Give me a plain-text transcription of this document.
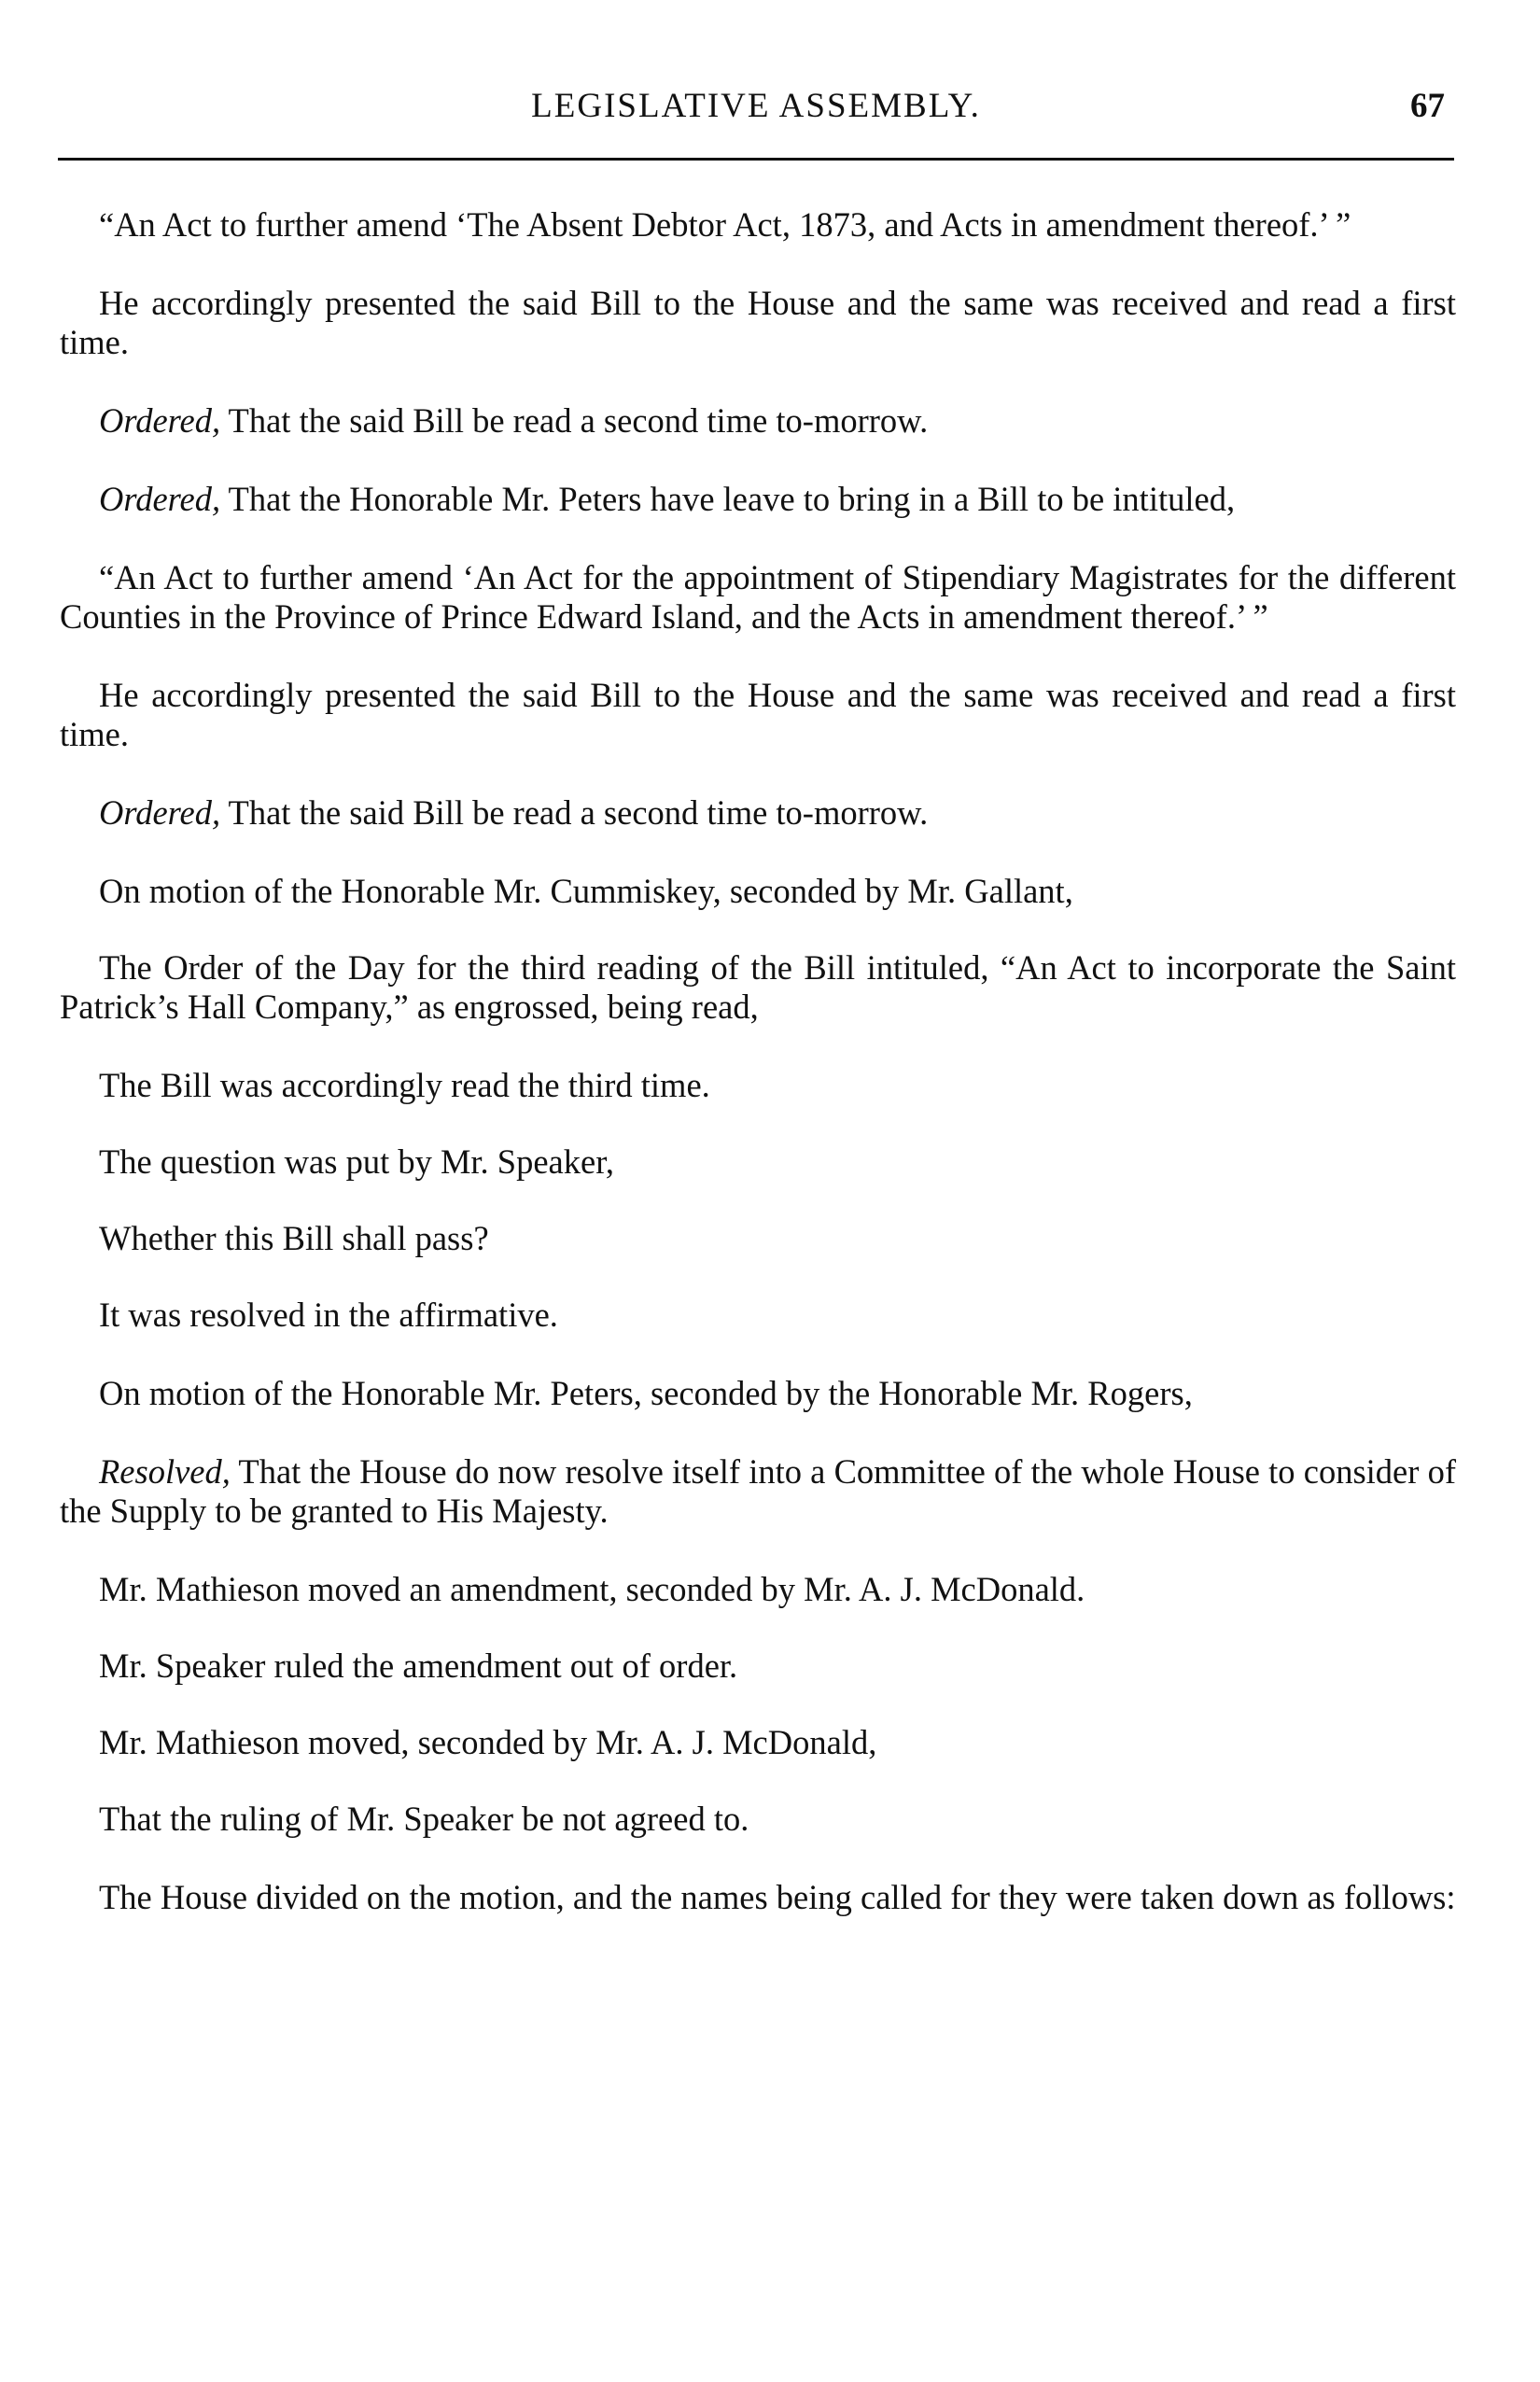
LEGISLATIVE ASSEMBLY.	67

“An Act to further amend ‘The Absent Debtor Act, 1873, and Acts in amendment thereof.’ ”

He accordingly presented the said Bill to the House and the same was received and read a first time.

Ordered, That the said Bill be read a second time to-morrow.

Ordered, That the Honorable Mr. Peters have leave to bring in a Bill to be intituled,

“An Act to further amend ‘An Act for the appointment of Stipendiary Magistrates for the different Counties in the Province of Prince Edward Island, and the Acts in amendment thereof.’ ”

He accordingly presented the said Bill to the House and the same was received and read a first time.

Ordered, That the said Bill be read a second time to-morrow.

On motion of the Honorable Mr. Cummiskey, seconded by Mr. Gallant,

The Order of the Day for the third reading of the Bill intituled, “An Act to incorporate the Saint Patrick’s Hall Company,” as engrossed, being read,

The Bill was accordingly read the third time.

The question was put by Mr. Speaker,

Whether this Bill shall pass?

It was resolved in the affirmative.

On motion of the Honorable Mr. Peters, seconded by the Honorable Mr. Rogers,

Resolved, That the House do now resolve itself into a Committee of the whole House to consider of the Supply to be granted to His Majesty.

Mr. Mathieson moved an amendment, seconded by Mr. A. J. McDonald.

Mr. Speaker ruled the amendment out of order.

Mr. Mathieson moved, seconded by Mr. A. J. McDonald,

That the ruling of Mr. Speaker be not agreed to.

The House divided on the motion, and the names being called for they were taken down as follows:
